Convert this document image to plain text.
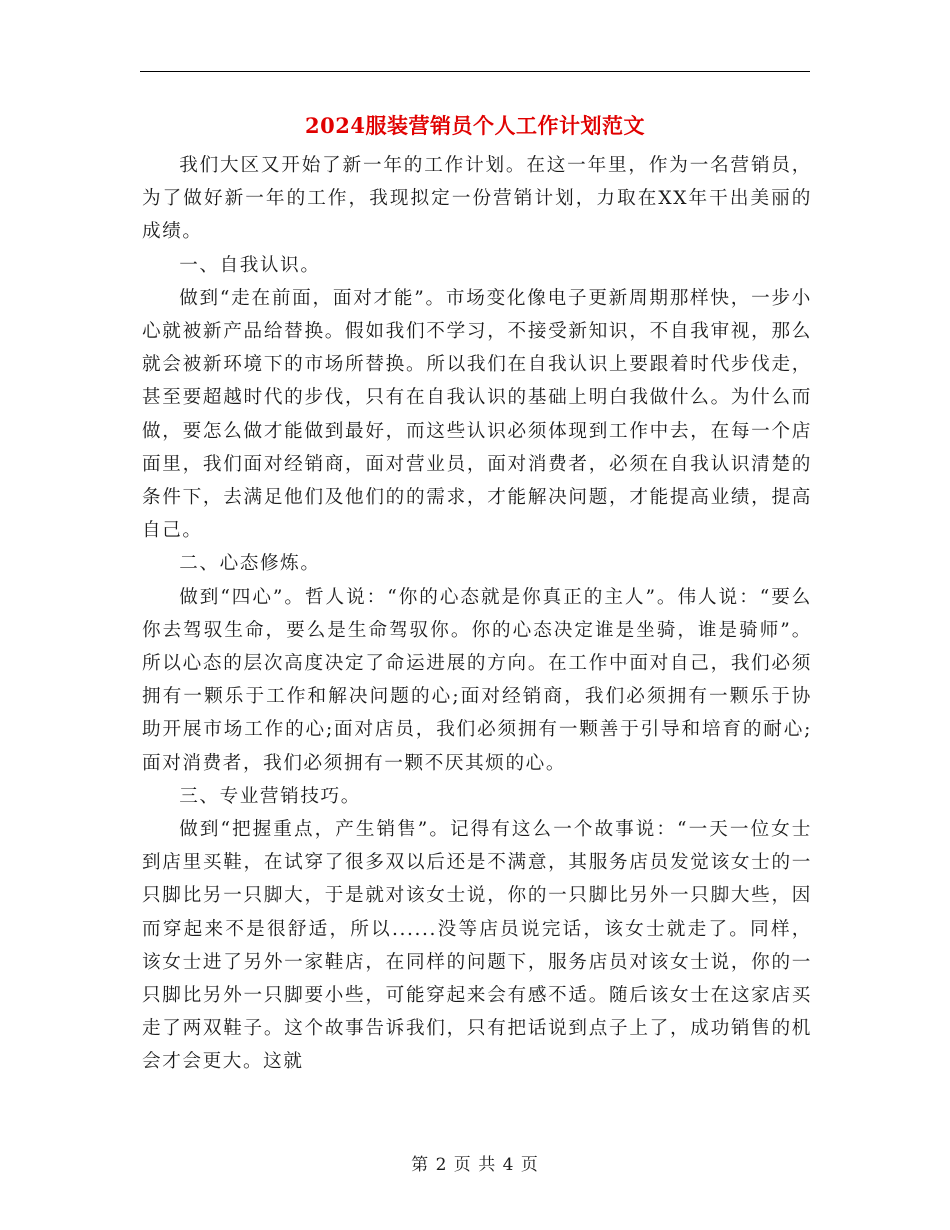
2024服装营销员个人工作计划范文

我们大区又开始了新一年的工作计划。在这一年里，作为一名营销员，为了做好新一年的工作，我现拟定一份营销计划，力取在XX年干出美丽的成绩。

一、自我认识。

做到“走在前面，面对才能”。市场变化像电子更新周期那样快，一步小心就被新产品给替换。假如我们不学习，不接受新知识，不自我审视，那么就会被新环境下的市场所替换。所以我们在自我认识上要跟着时代步伐走，甚至要超越时代的步伐，只有在自我认识的基础上明白我做什么。为什么而做，要怎么做才能做到最好，而这些认识必须体现到工作中去，在每一个店面里，我们面对经销商，面对营业员，面对消费者，必须在自我认识清楚的条件下，去满足他们及他们的的需求，才能解决问题，才能提高业绩，提高自己。

二、心态修炼。

做到“四心”。哲人说：“你的心态就是你真正的主人”。伟人说：“要么你去驾驭生命，要么是生命驾驭你。你的心态决定谁是坐骑，谁是骑师”。所以心态的层次高度决定了命运进展的方向。在工作中面对自己，我们必须拥有一颗乐于工作和解决问题的心;面对经销商，我们必须拥有一颗乐于协助开展市场工作的心;面对店员，我们必须拥有一颗善于引导和培育的耐心;面对消费者，我们必须拥有一颗不厌其烦的心。

三、专业营销技巧。

做到“把握重点，产生销售”。记得有这么一个故事说：“一天一位女士到店里买鞋，在试穿了很多双以后还是不满意，其服务店员发觉该女士的一只脚比另一只脚大，于是就对该女士说，你的一只脚比另外一只脚大些，因而穿起来不是很舒适，所以......没等店员说完话，该女士就走了。同样，该女士进了另外一家鞋店，在同样的问题下，服务店员对该女士说，你的一只脚比另外一只脚要小些，可能穿起来会有感不适。随后该女士在这家店买走了两双鞋子。这个故事告诉我们，只有把话说到点子上了，成功销售的机会才会更大。这就

第 2 页 共 4 页
